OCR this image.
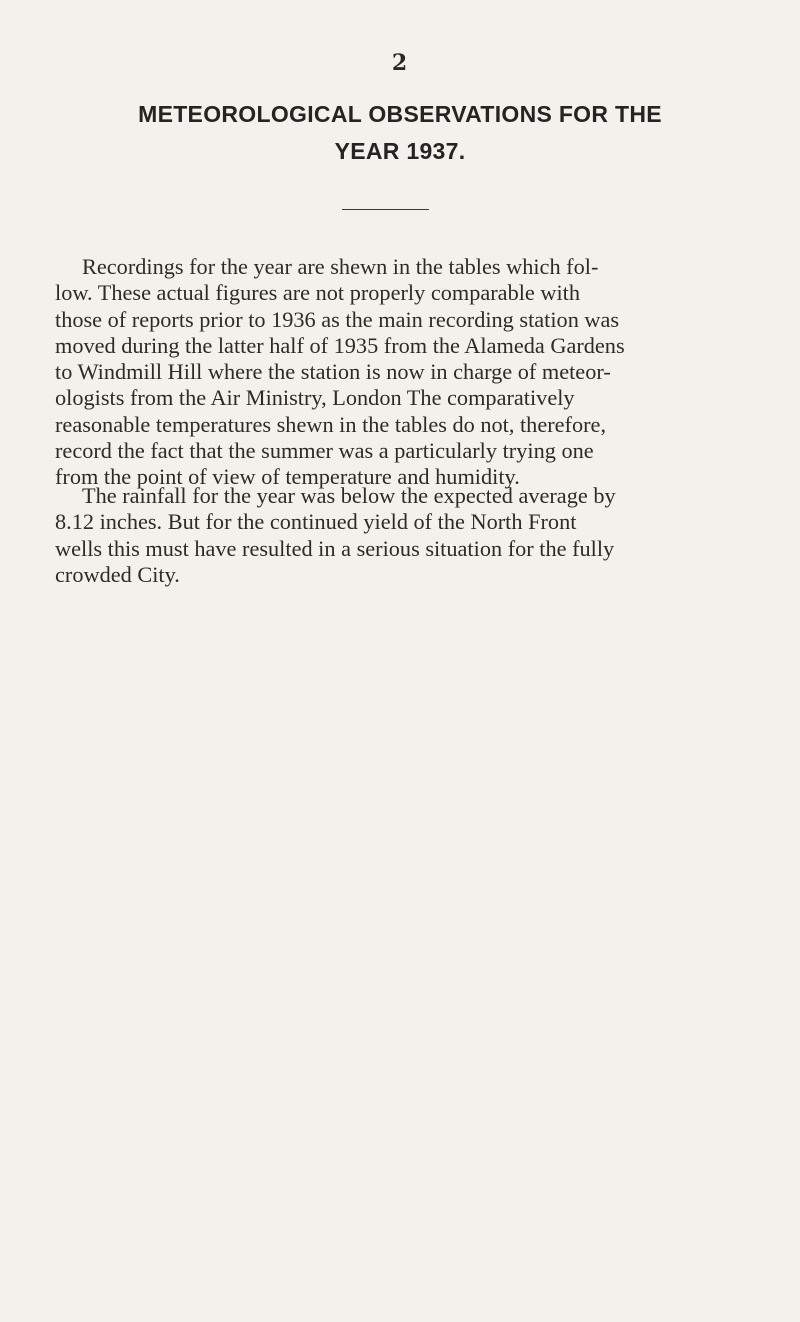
2
METEOROLOGICAL OBSERVATIONS FOR THE
YEAR 1937.

Recordings for the year are shewn in the tables which fol-
low. These actual figures are not properly comparable with
those of reports prior to 1936 as the main recording station was
moved during the latter half of 1935 from the Alameda Gardens
to Windmill Hill where the station is now in charge of meteor-
ologists from the Air Ministry, London The comparatively
reasonable temperatures shewn in the tables do not, therefore,
record the fact that the summer was a particularly trying one
from the point of view of temperature and humidity.

The rainfall for the year was below the expected average by
8.12 inches. But for the continued yield of the North Front
wells this must have resulted in a serious situation for the fully
crowded City.
